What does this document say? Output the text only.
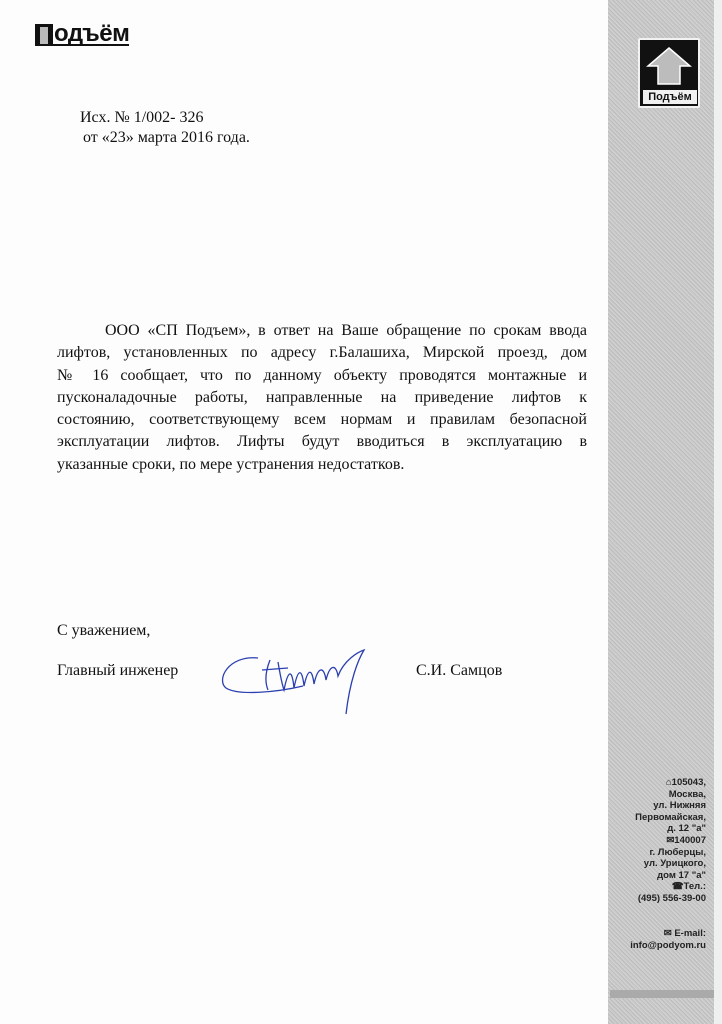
одъём
Подъём
Исх. № 1/002- 326
от «23» марта 2016 года.
ООО «СП Подъем», в ответ на Ваше обращение по срокам ввода
лифтов, установленных по адресу г.Балашиха, Мирской проезд, дом
№ 16 сообщает, что по данному объекту проводятся монтажные и
пусконаладочные работы, направленные на приведение лифтов к
состоянию, соответствующему всем нормам и правилам безопасной
эксплуатации лифтов. Лифты будут вводиться в эксплуатацию в
указанные сроки, по мере устранения недостатков.
С уважением,
Главный инженер	С.И. Самцов
⌂105043,
Москва,
ул. Нижняя
Первомайская,
д. 12 "а"
✉140007
г. Люберцы,
ул. Урицкого,
дом 17 "а"
☎Тел.:
(495) 556-39-00
✉ E-mail:
info@podyom.ru
